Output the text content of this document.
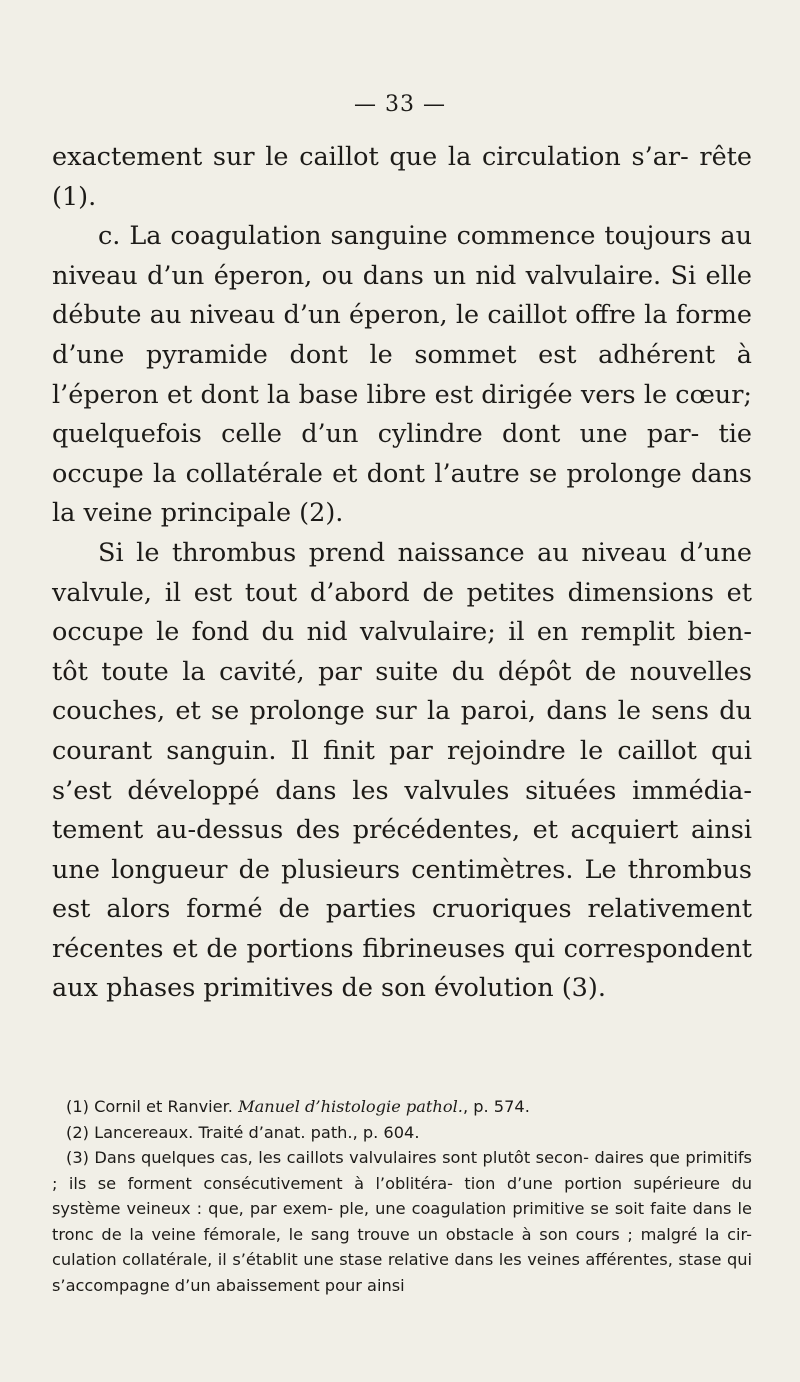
— 33 —

exactement sur le caillot que la circulation s’ar- rête (1).

c. La coagulation sanguine commence toujours au niveau d’un éperon, ou dans un nid valvulaire. Si elle débute au niveau d’un éperon, le caillot offre la forme d’une pyramide dont le sommet est adhérent à l’éperon et dont la base libre est dirigée vers le cœur; quelquefois celle d’un cylindre dont une par- tie occupe la collatérale et dont l’autre se prolonge dans la veine principale (2).

Si le thrombus prend naissance au niveau d’une valvule, il est tout d’abord de petites dimensions et occupe le fond du nid valvulaire; il en remplit bien- tôt toute la cavité, par suite du dépôt de nouvelles couches, et se prolonge sur la paroi, dans le sens du courant sanguin. Il finit par rejoindre le caillot qui s’est développé dans les valvules situées immédia- tement au-dessus des précédentes, et acquiert ainsi une longueur de plusieurs centimètres. Le thrombus est alors formé de parties cruoriques relativement récentes et de portions fibrineuses qui correspondent aux phases primitives de son évolution (3).

(1) Cornil et Ranvier. Manuel d’histologie pathol., p. 574.

(2) Lancereaux. Traité d’anat. path., p. 604.

(3) Dans quelques cas, les caillots valvulaires sont plutôt secon- daires que primitifs ; ils se forment consécutivement à l’oblitéra- tion d’une portion supérieure du système veineux : que, par exem- ple, une coagulation primitive se soit faite dans le tronc de la veine fémorale, le sang trouve un obstacle à son cours ; malgré la cir- culation collatérale, il s’établit une stase relative dans les veines afférentes, stase qui s’accompagne d’un abaissement pour ainsi
